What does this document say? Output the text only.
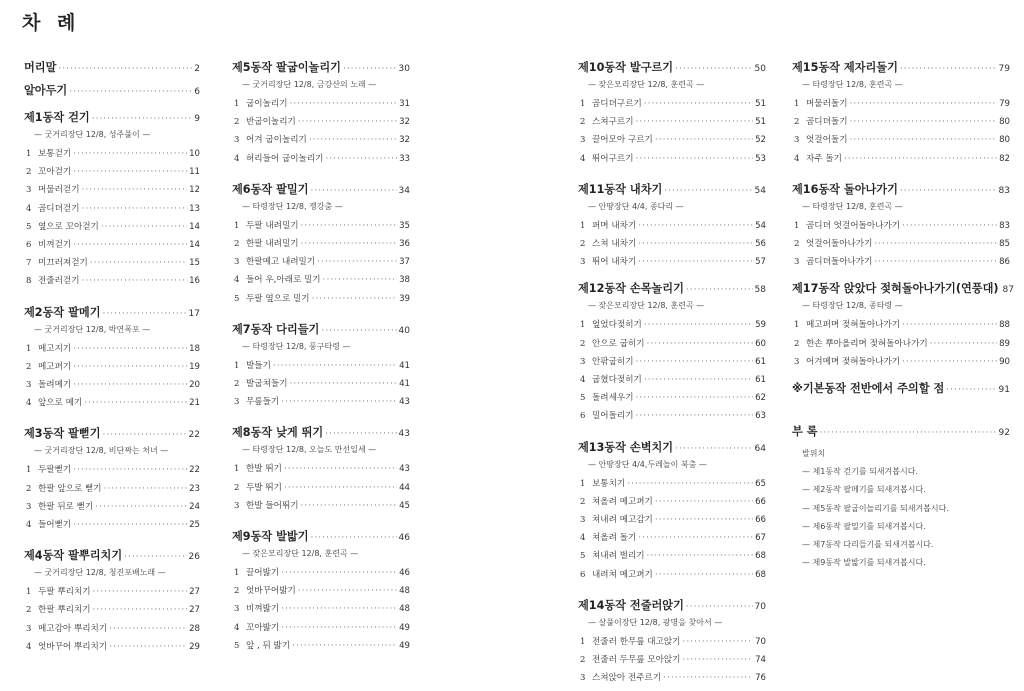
차 례
머리말 ·····	2
알아두기 ·····	6
제1동작 걷기 ·····	9
— 굿거리장단 12/8, 성주풀이 —
1 보통걷기 ·····	10
2 꼬아걷기 ·····	11
3 머물러걷기 ·····	12
4 곱디뎌걷기 ·····	13
5 옆으로 꼬아걷기 ·····	14
6 비껴걷기 ·····	14
7 미끄러져걷기 ·····	15
8 전줄러걷기 ·····	16
제2동작 팔메기 ·····	17
— 굿거리장단 12/8, 박연폭포 —
1 메고지기 ·····	18
2 메고펴기 ·····	19
3 돌려메기 ·····	20
4 앞으로 메기 ·····	21
제3동작 팔뻗기 ·····	22
— 굿거리장단 12/8, 비단짜는 처녀 —
1 두팔뻗기 ·····	22
2 한팔 앞으로 뻗기 ·····	23
3 한팔 뒤로 뻗기 ·····	24
4 들어뻗기 ·····	25
제4동작 팔뿌리치기 ·····	26
— 굿거리장단 12/8, 청진포배노래 —
1 두팔 뿌리치기 ·····	27
2 한팔 뿌리치기 ·····	27
3 메고감아 뿌리치기 ·····	28
4 엇바꾸어 뿌리치기 ·····	29
제5동작 팔굽이놀리기 ·····	30
— 굿거리장단 12/8, 금강산의 노래 —
1 굽이놀리기 ·····	31
2 반굽이놀리기 ·····	32
3 어겨 굽이놀리기 ·····	32
4 허리들어 굽이놀리기 ·····	33
제6동작 팔밀기 ·····	34
— 타령장단 12/8, 쟁강춤 —
1 두팔 내려밀기 ·····	35
2 한팔 내려밀기 ·····	36
3 한팔메고 내려밀기 ·····	37
4 들어 우,아래로 밀기 ·····	38
5 두팔 옆으로 밀기 ·····	39
제7동작 다리들기 ·····	40
— 타령장단 12/8, 풍구타령 —
1 발들기 ·····	41
2 발굽쳐들기 ·····	41
3 무릎들기 ·····	43
제8동작 낮게 뛰기 ·····	43
— 타령장단 12/8, 오늘도 만선일세 —
1 한발 뛰기 ·····	43
2 두발 뛰기 ·····	44
3 한발 들어뛰기 ·····	45
제9동작 발밟기 ·····	46
— 잦은모리장단 12/8, 훈련곡 —
1 끌어밟기 ·····	46
2 엇바꾸어밟기 ·····	48
3 비껴밟기 ·····	48
4 꼬아밟기 ·····	49
5 앞 , 뒤 밟기 ·····	49
제10동작 발구르기 ·····	50
— 잦은모리장단 12/8, 훈련곡 —
1 곱디뎌구르기 ·····	51
2 스쳐구르기 ·····	51
3 끌어모아 구르기 ·····	52
4 뛰어구르기 ·····	53
제11동작 내차기 ·····	54
— 안땅장단 4/4, 종다리 —
1 퍼며 내차기 ·····	54
2 스쳐 내차기 ·····	56
3 뛰어 내차기 ·····	57
제12동작 손목놀리기 ·····	58
— 잦은모리장단 12/8, 훈련곡 —
1 엎었다젖히기 ·····	59
2 안으로 굽히기 ·····	60
3 안팎굽히기 ·····	61
4 굽혔다젖히기 ·····	61
5 돌려세우기 ·····	62
6 밀어돌리기 ·····	63
제13동작 손벽치기 ·····	64
— 안땅장단 4/4,두레놀이 북춤 —
1 보통치기 ·····	65
2 쳐올려 메고펴기 ·····	66
3 쳐내려 메고감기 ·····	66
4 쳐올려 돌기 ·····	67
5 쳐내려 벌리기 ·····	68
6 내려쳐 메고펴기 ·····	68
제14동작 전줄러앉기 ·····	70
— 살풀이장단 12/8, 광명을 찾아서 —
1 전줄러 한무릎 대고앉기 ·····	70
2 전줄러 두무릎 모아앉기 ·····	74
3 스쳐앉아 전주르기 ·····	76
제15동작 제자리돌기 ·····	79
— 타령장단 12/8, 훈련곡 —
1 머물러돌기 ·····	79
2 곱디뎌돌기 ·····	80
3 엇걸어돌기 ·····	80
4 자주 돌기 ·····	82
제16동작 돌아나가기 ·····	83
— 타령장단 12/8, 훈련곡 —
1 곱디뎌 엇걸어돌아나가기 ·····	83
2 엇걸어돌아나가기 ·····	85
3 곱디뎌돌아나가기 ·····	86
제17동작 앉았다 젖혀돌아나가기(연풍대) 87
— 타령장단 12/8, 종타령 —
1 메고퍼며 젖혀돌아나가기 ·····	88
2 한손 뿌아올리며 젖혀돌아나가기 ·····	89
3 어겨메며 젖혀돌아나가기 ·····	90
※기본동작 전반에서 주의할 점 ·····	91
부 록 ·····	92
발위치
— 제1동작 걷기를 되새겨봅시다.
— 제2동작 팔메기를 되새겨봅시다.
— 제5동작 팔굽이놀리기를 되새겨봅시다.
— 제6동작 팔밀기를 되새겨봅시다.
— 제7동작 다리들기를 되새겨봅시다.
— 제9동작 발밟기를 되새겨봅시다.
